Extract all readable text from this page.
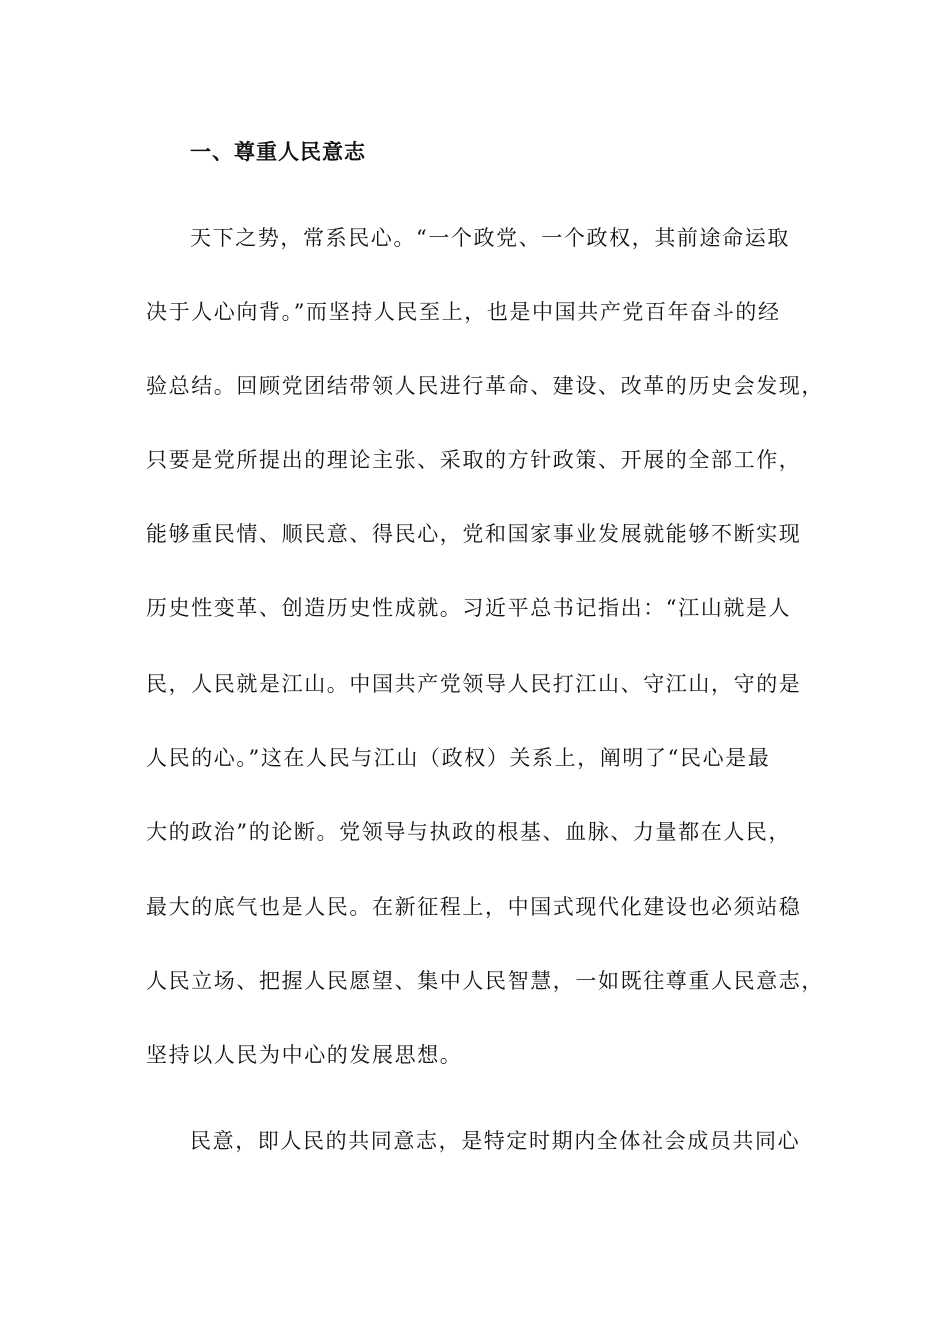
一、尊重人民意志
天下之势，常系民心。“一个政党、一个政权，其前途命运取
决于人心向背。”而坚持人民至上，也是中国共产党百年奋斗的经
验总结。回顾党团结带领人民进行革命、建设、改革的历史会发现，
只要是党所提出的理论主张、采取的方针政策、开展的全部工作，
能够重民情、顺民意、得民心，党和国家事业发展就能够不断实现
历史性变革、创造历史性成就。习近平总书记指出：“江山就是人
民，人民就是江山。中国共产党领导人民打江山、守江山，守的是
人民的心。”这在人民与江山（政权）关系上，阐明了“民心是最
大的政治”的论断。党领导与执政的根基、血脉、力量都在人民，
最大的底气也是人民。在新征程上，中国式现代化建设也必须站稳
人民立场、把握人民愿望、集中人民智慧，一如既往尊重人民意志，
坚持以人民为中心的发展思想。
民意，即人民的共同意志，是特定时期内全体社会成员共同心
